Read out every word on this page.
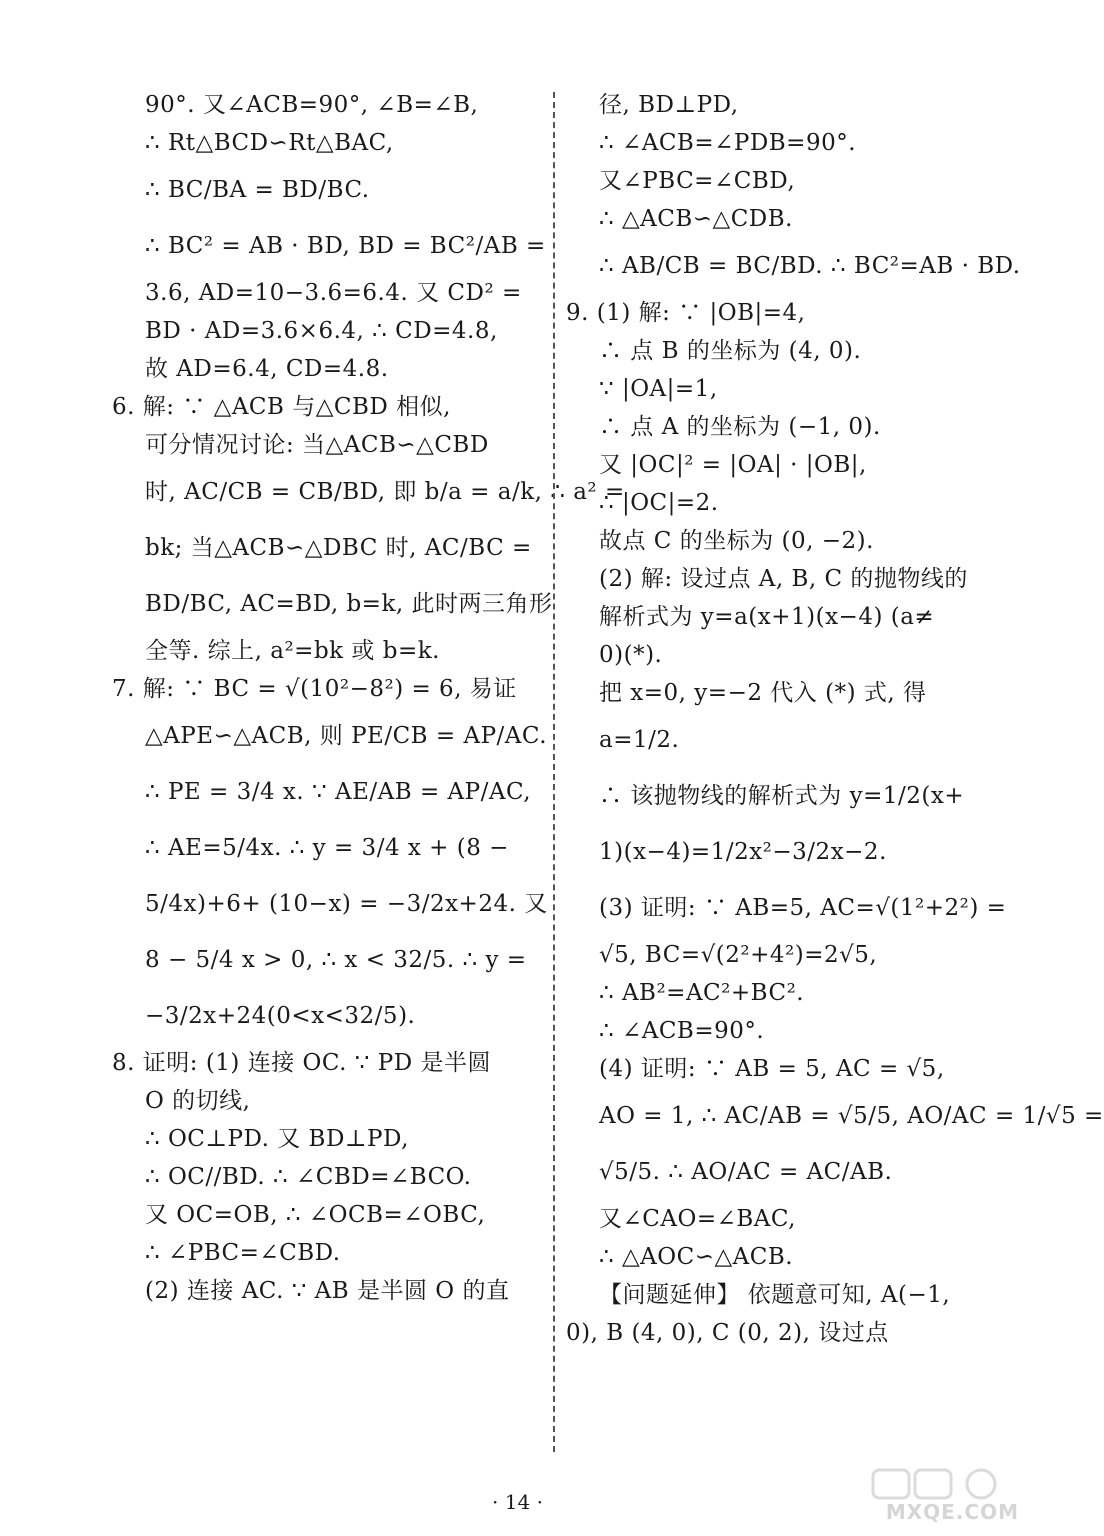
90°. 又∠ACB=90°, ∠B=∠B,
∴ Rt△BCD∽Rt△BAC,
∴ BC/BA = BD/BC.
∴ BC² = AB · BD, BD = BC²/AB =
3.6, AD=10−3.6=6.4. 又 CD² =
BD · AD=3.6×6.4, ∴ CD=4.8,
故 AD=6.4, CD=4.8.
6. 解: ∵ △ACB 与△CBD 相似,
可分情况讨论: 当△ACB∽△CBD
时, AC/CB = CB/BD, 即 b/a = a/k, ∴ a² =
bk; 当△ACB∽△DBC 时, AC/BC =
BD/BC, AC=BD, b=k, 此时两三角形
全等. 综上, a²=bk 或 b=k.
7. 解: ∵ BC = √(10²−8²) = 6, 易证
△APE∽△ACB, 则 PE/CB = AP/AC.
∴ PE = 3/4 x. ∵ AE/AB = AP/AC,
∴ AE=5/4x. ∴ y = 3/4 x + (8 −
5/4x)+6+ (10−x) = −3/2x+24. 又
8 − 5/4 x > 0, ∴ x < 32/5. ∴ y =
−3/2x+24(0<x<32/5).
8. 证明: (1) 连接 OC. ∵ PD 是半圆
O 的切线,
∴ OC⊥PD. 又 BD⊥PD,
∴ OC//BD. ∴ ∠CBD=∠BCO.
又 OC=OB, ∴ ∠OCB=∠OBC,
∴ ∠PBC=∠CBD.
(2) 连接 AC. ∵ AB 是半圆 O 的直
径, BD⊥PD,
∴ ∠ACB=∠PDB=90°.
又∠PBC=∠CBD,
∴ △ACB∽△CDB.
∴ AB/CB = BC/BD. ∴ BC²=AB · BD.
9. (1) 解: ∵ |OB|=4,
∴ 点 B 的坐标为 (4, 0).
∵ |OA|=1,
∴ 点 A 的坐标为 (−1, 0).
又 |OC|² = |OA| · |OB|,
∴ |OC|=2.
故点 C 的坐标为 (0, −2).
(2) 解: 设过点 A, B, C 的抛物线的
解析式为 y=a(x+1)(x−4) (a≠
0)(*).
把 x=0, y=−2 代入 (*) 式, 得
a=1/2.
∴ 该抛物线的解析式为 y=1/2(x+
1)(x−4)=1/2x²−3/2x−2.
(3) 证明: ∵ AB=5, AC=√(1²+2²) =
√5, BC=√(2²+4²)=2√5,
∴ AB²=AC²+BC².
∴ ∠ACB=90°.
(4) 证明: ∵ AB = 5, AC = √5,
AO = 1, ∴ AC/AB = √5/5, AO/AC = 1/√5 =
√5/5. ∴ AO/AC = AC/AB.
又∠CAO=∠BAC,
∴ △AOC∽△ACB.
【问题延伸】 依题意可知, A(−1,
0), B (4, 0), C (0, 2), 设过点
· 14 ·	MXQE.COM
